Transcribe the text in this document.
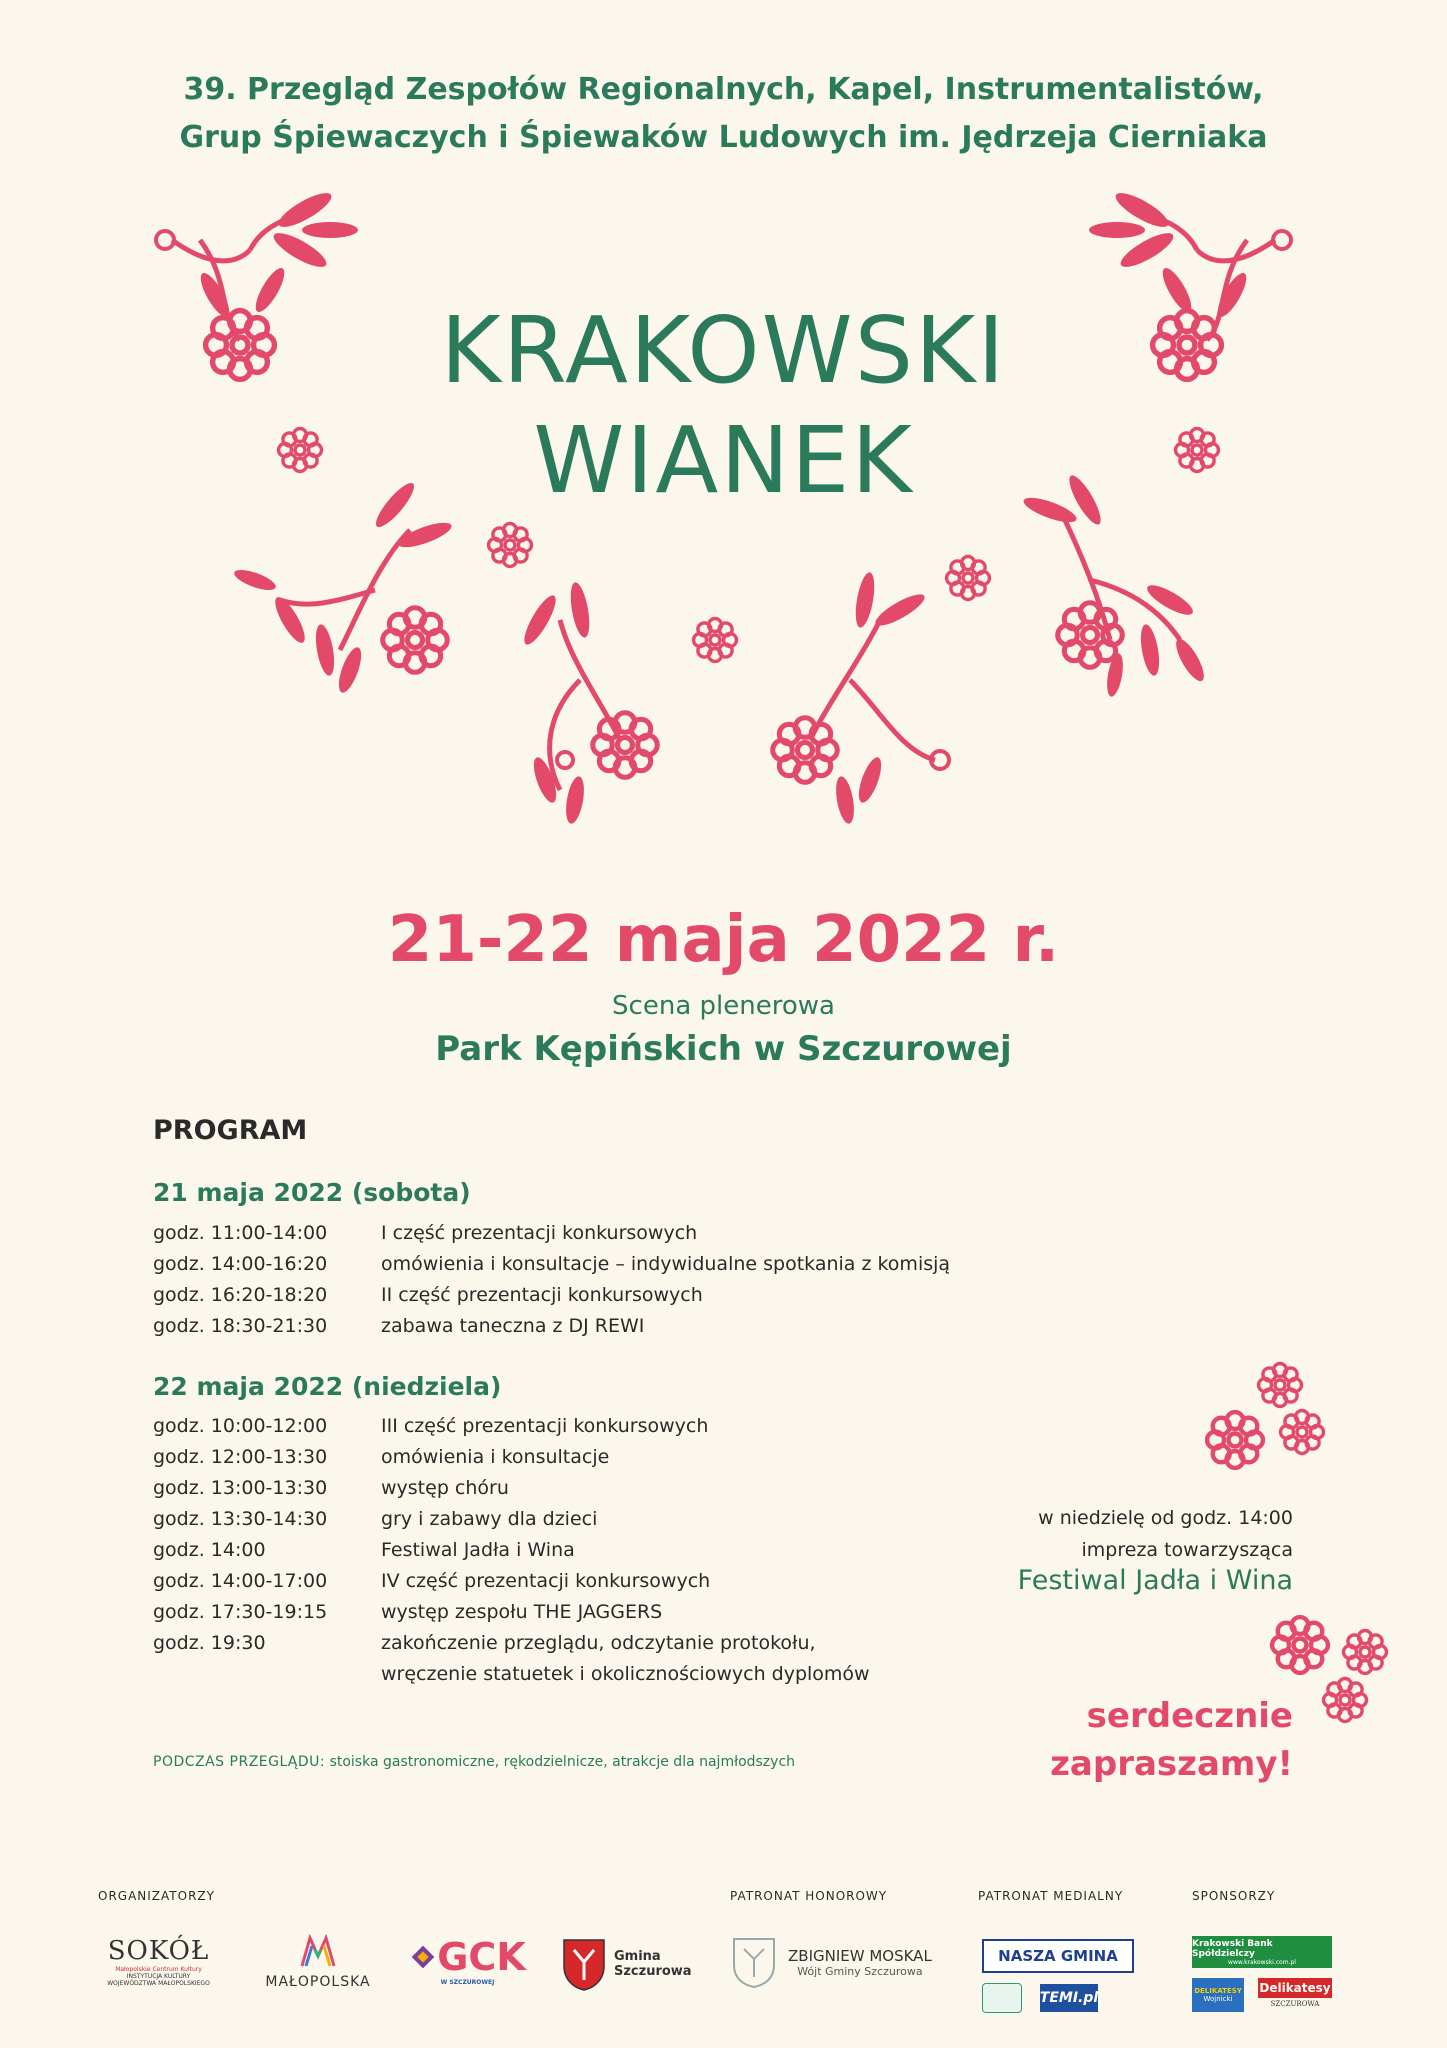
39. Przegląd Zespołów Regionalnych, Kapel, Instrumentalistów,
Grup Śpiewaczych i Śpiewaków Ludowych im. Jędrzeja Cierniaka
KRAKOWSKI
WIANEK
21-22 maja 2022 r.
Scena plenerowa
Park Kępińskich w Szczurowej
PROGRAM
21 maja 2022 (sobota)
godz. 11:00-14:00	I część prezentacji konkursowych
godz. 14:00-16:20	omówienia i konsultacje – indywidualne spotkania z komisją
godz. 16:20-18:20	II część prezentacji konkursowych
godz. 18:30-21:30	zabawa taneczna z DJ REWI
22 maja 2022 (niedziela)
godz. 10:00-12:00	III część prezentacji konkursowych
godz. 12:00-13:30	omówienia i konsultacje
godz. 13:00-13:30	występ chóru
godz. 13:30-14:30	gry i zabawy dla dzieci
godz. 14:00	Festiwal Jadła i Wina
godz. 14:00-17:00	IV część prezentacji konkursowych
godz. 17:30-19:15	występ zespołu THE JAGGERS
godz. 19:30	zakończenie przeglądu, odczytanie protokołu,
wręczenie statuetek i okolicznościowych dyplomów
w niedzielę od godz. 14:00
impreza towarzysząca
Festiwal Jadła i Wina
serdecznie
zapraszamy!
PODCZAS PRZEGLĄDU: stoiska gastronomiczne, rękodzielnicze, atrakcje dla najmłodszych
ORGANIZATORZY	PATRONAT HONOROWY	PATRONAT MEDIALNY	SPONSORZY
SOKÓŁ
Małopolskie Centrum Kultury
INSTYTUCJA KULTURY
WOJEWÓDZTWA MAŁOPOLSKIEGO	MAŁOPOLSKA
GCK
W SZCZUROWEJ
Gmina
Szczurowa
ZBIGNIEW MOSKAL
Wójt Gminy Szczurowa
NASZA GMINA
TEMI.pl
Krakowski Bank Spółdzielczy
www.krakowski.com.pl
DELIKATESY
Wojnicki
Delikatesy
SZCZUROWA
